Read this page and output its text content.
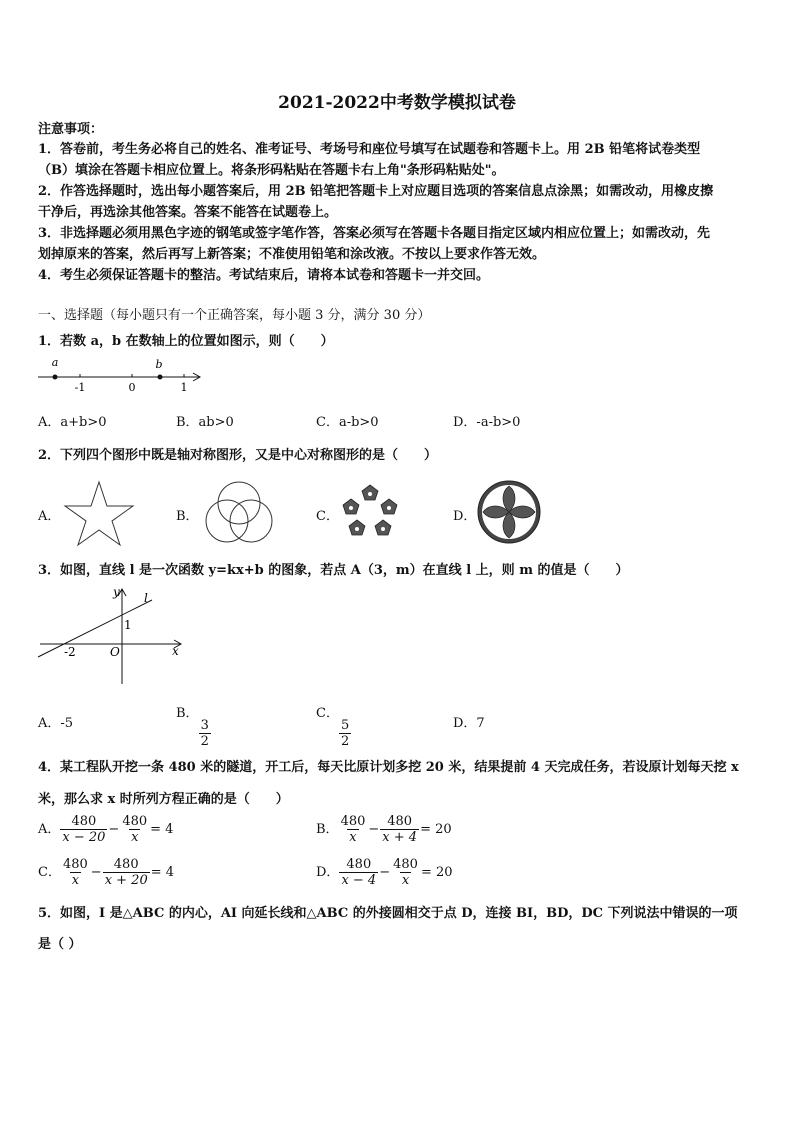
2021-2022中考数学模拟试卷
注意事项：
1．答卷前，考生务必将自己的姓名、准考证号、考场号和座位号填写在试题卷和答题卡上。用 2B 铅笔将试卷类型
（B）填涂在答题卡相应位置上。将条形码粘贴在答题卡右上角"条形码粘贴处"。
2．作答选择题时，选出每小题答案后，用 2B 铅笔把答题卡上对应题目选项的答案信息点涂黑；如需改动，用橡皮擦
干净后，再选涂其他答案。答案不能答在试题卷上。
3．非选择题必须用黑色字迹的钢笔或签字笔作答，答案必须写在答题卡各题目指定区域内相应位置上；如需改动，先
划掉原来的答案，然后再写上新答案；不准使用铅笔和涂改液。不按以上要求作答无效。
4．考生必须保证答题卡的整洁。考试结束后，请将本试卷和答题卡一并交回。
一、选择题（每小题只有一个正确答案，每小题 3 分，满分 30 分）
1．若数 a，b 在数轴上的位置如图示，则（　　）
a	b
-1	0	1
A．a+b>0	B．ab>0	C．a-b>0	D．-a-b>0
2．下列四个图形中既是轴对称图形，又是中心对称图形的是（　　）
A．	B．	C．	D．
3．如图，直线 l 是一次函数 y=kx+b 的图象，若点 A（3，m）在直线 l 上，则 m 的值是（　　）
y
x
l
1
-2	O
A．-5
B．
$\frac{3}{2}$
C．
$\frac{5}{2}$	D．7
4．某工程队开挖一条 480 米的隧道，开工后，每天比原计划多挖 20 米，结果提前 4 天完成任务，若设原计划每天挖 x
米，那么求 x 时所列方程正确的是（　　）
A． $\frac{480}{x - 20} - \frac{480}{x} = 4$	B． $\frac{480}{x} - \frac{480}{x + 4} = 20$
C． $\frac{480}{x} - \frac{480}{x + 20} = 4$	D． $\frac{480}{x - 4} - \frac{480}{x} = 20$
5．如图，I 是△ABC 的内心，AI 向延长线和△ABC 的外接圆相交于点 D，连接 BI，BD，DC 下列说法中错误的一项
是（ ）
